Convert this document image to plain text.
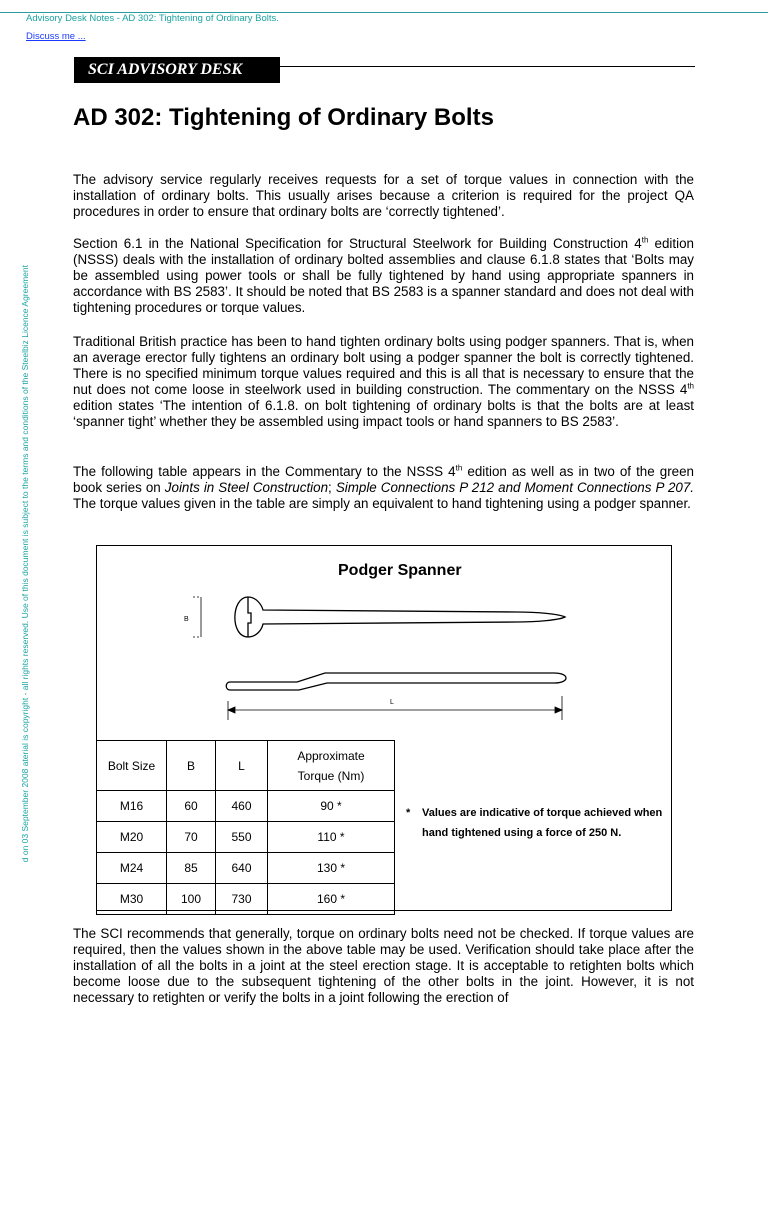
Advisory Desk Notes - AD 302: Tightening of Ordinary Bolts.
Discuss me ...
SCI ADVISORY DESK
AD 302: Tightening of Ordinary Bolts

The advisory service regularly receives requests for a set of torque values in connection with the installation of ordinary bolts. This usually arises because a criterion is required for the project QA procedures in order to ensure that ordinary bolts are ‘correctly tightened’.

Section 6.1 in the National Specification for Structural Steelwork for Building Construction 4th edition (NSSS) deals with the installation of ordinary bolted assemblies and clause 6.1.8 states that ‘Bolts may be assembled using power tools or shall be fully tightened by hand using appropriate spanners in accordance with BS 2583’. It should be noted that BS 2583 is a spanner standard and does not deal with tightening procedures or torque values.

Traditional British practice has been to hand tighten ordinary bolts using podger spanners. That is, when an average erector fully tightens an ordinary bolt using a podger spanner the bolt is correctly tightened. There is no specified minimum torque values required and this is all that is necessary to ensure that the nut does not come loose in steelwork used in building construction. The commentary on the NSSS 4th edition states ‘The intention of 6.1.8. on bolt tightening of ordinary bolts is that the bolts are at least ‘spanner tight’ whether they be assembled using impact tools or hand spanners to BS 2583’.

The following table appears in the Commentary to the NSSS 4th edition as well as in two of the green book series on Joints in Steel Construction; Simple Connections P 212 and Moment Connections P 207. The torque values given in the table are simply an equivalent to hand tightening using a podger spanner.

Podger Spanner
B
L
Bolt Size	B	L	Approximate
Torque (Nm)

M16	60	460	90 *
M20	70	550	110 *
M24	85	640	130 *
M30	100	730	160 *
*	Values are indicative of torque achieved when
hand tightened using a force of 250 N.

The SCI recommends that generally, torque on ordinary bolts need not be checked. If torque values are required, then the values shown in the above table may be used. Verification should take place after the installation of all the bolts in a joint at the steel erection stage. It is acceptable to retighten bolts which become loose due to the subsequent tightening of the other bolts in the joint. However, it is not necessary to retighten or verify the bolts in a joint following the erection of

d on 03 September 2008 aterial is copyright - all rights reserved. Use of this document is subject to the terms and conditions of the Steelbiz Licence Agreement
